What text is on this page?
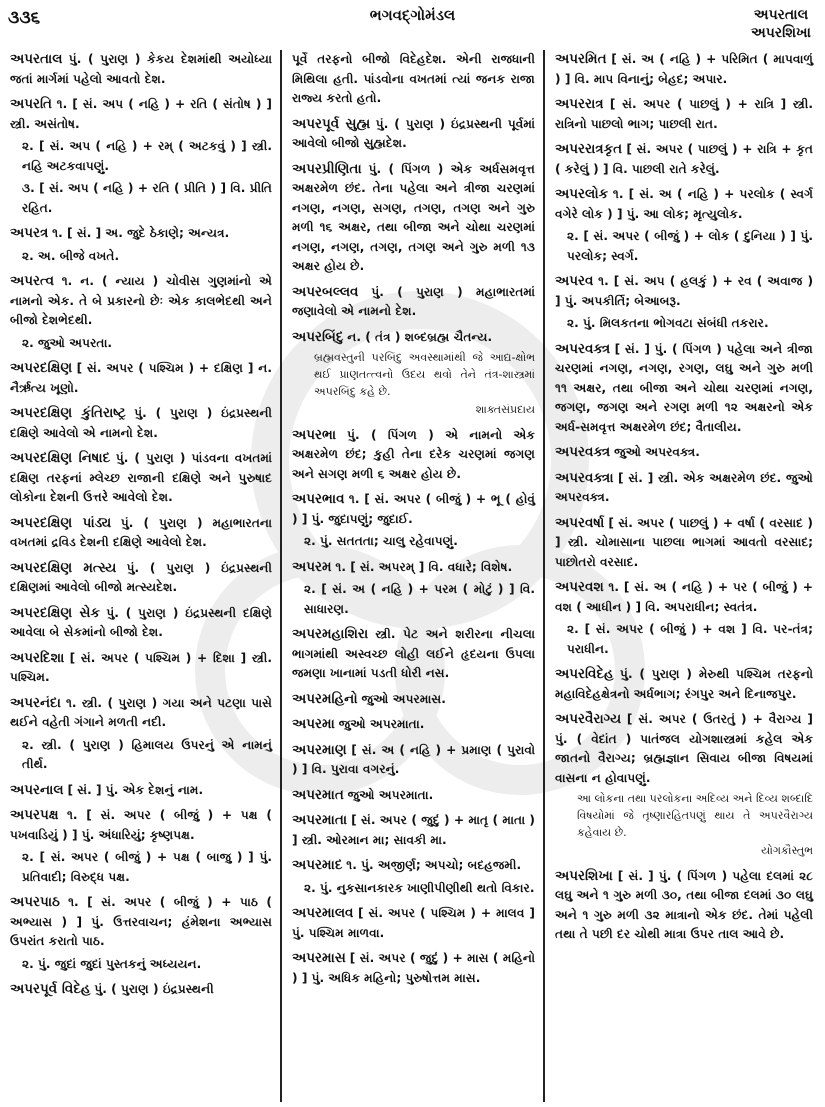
૩૩૬	ભગવદ્ગોમંડલ	અપરતાલ
અપરશિખા
અપરતાલ પું. ( પુરાણ ) કેકય દેશમાંથી અયોધ્યા જતાં માર્ગમાં પહેલો આવતો દેશ.
અપરતિ ૧. [ સં. અપ ( નહિ ) + રતિ ( સંતોષ ) ] સ્ત્રી. અસંતોષ.
૨. [ સં. અપ ( નહિ ) + રમ્ ( અટકવું ) ] સ્ત્રી. નહિ અટકવાપણું.
૩. [ સં. અપ ( નહિ ) + રતિ ( પ્રીતિ ) ] વિ. પ્રીતિ રહિત.
અપરત્ર ૧. [ સં. ] અ. જુદે ઠેકાણે; અન્યત્ર.
૨. અ. બીજે વખતે.
અપરત્વ ૧. ન. ( ન્યાય ) ચોવીસ ગુણમાંનો એ નામનો એક. તે બે પ્રકારનો છેઃ એક કાલભેદથી અને બીજો દેશભેદથી.
૨. જુઓ અપરતા.
અપરદક્ષિણ [ સં. અપર ( પશ્ચિમ ) + દક્ષિણ ] ન. નૈર્ઋત્ય ખૂણો.
અપરદક્ષિણ કુંતિરાષ્ટ્ર પું. ( પુરાણ ) ઇંદ્રપ્રસ્થની દક્ષિણે આવેલો એ નામનો દેશ.
અપરદક્ષિણ નિષાદ પું. ( પુરાણ ) પાંડવના વખતમાં દક્ષિણ તરફનાં મ્લેચ્છ રાજાની દક્ષિણે અને પુરુષાદ લોકોના દેશની ઉત્તરે આવેલો દેશ.
અપરદક્ષિણ પાંડ્ય પું. ( પુરાણ ) મહાભારતના વખતમાં દ્રવિડ દેશની દક્ષિણે આવેલો દેશ.
અપરદક્ષિણ મત્સ્ય પું. ( પુરાણ ) ઇંદ્રપ્રસ્થની દક્ષિણમાં આવેલો બીજો મત્સ્યદેશ.
અપરદક્ષિણ સેક પું. ( પુરાણ ) ઇંદ્રપ્રસ્થની દક્ષિણે આવેલા બે સેકમાંનો બીજો દેશ.
અપરદિશા [ સં. અપર ( પશ્ચિમ ) + દિશા ] સ્ત્રી. પશ્ચિમ.
અપરનંદા ૧. સ્ત્રી. ( પુરાણ ) ગયા અને પટણા પાસે થઈને વહેતી ગંગાને મળતી નદી.
૨. સ્ત્રી. ( પુરાણ ) હિમાલય ઉપરનું એ નામનું તીર્થ.
અપરનાલ [ સં. ] પું. એક દેશનું નામ.
અપરપક્ષ ૧. [ સં. અપર ( બીજું ) + પક્ષ ( પખવાડિયું ) ] પું. અંધારિયું; કૃષ્ણપક્ષ.
૨. [ સં. અપર ( બીજું ) + પક્ષ ( બાજુ ) ] પું. પ્રતિવાદી; વિરુદ્ધ પક્ષ.
અપરપાઠ ૧. [ સં. અપર ( બીજું ) + પાઠ ( અભ્યાસ ) ] પું. ઉત્તરવાચન; હંમેશના અભ્યાસ ઉપરાંત કરાતો પાઠ.
૨. પું. જુદાં જુદાં પુસ્તકનું અધ્યયન.
અપરપૂર્વ વિદેહ પું. ( પુરાણ ) ઇંદ્રપ્રસ્થની
પૂર્વે તરફનો બીજો વિદેહદેશ. એની રાજધાની મિથિલા હતી. પાંડવોના વખતમાં ત્યાં જનક રાજા રાજ્ય કરતો હતો.
અપરપૂર્વ સુહ્મ પું. ( પુરાણ ) ઇંદ્રપ્રસ્થની પૂર્વમાં આવેલો બીજો સુહ્મદેશ.
અપરપ્રીણિતા પું. ( પિંગળ ) એક અર્ધસમવૃત્ત અક્ષરમેળ છંદ. તેના પહેલા અને ત્રીજા ચરણમાં નગણ, નગણ, સગણ, તગણ, તગણ અને ગુરુ મળી ૧૬ અક્ષર, તથા બીજા અને ચોથા ચરણમાં નગણ, નગણ, તગણ, તગણ અને ગુરુ મળી ૧૩ અક્ષર હોય છે.
અપરબલ્લવ પું. ( પુરાણ ) મહાભારતમાં જણાવેલો એ નામનો દેશ.
અપરબિંદુ ન. ( તંત્ર ) શબ્દબ્રહ્મ ચૈતન્ય.
બ્રહ્મવસ્તુની પરબિંદુ અવસ્થામાંથી જે આદ્ય-ક્ષોભ થઈ પ્રાણતત્ત્વનો ઉદય થવો તેને તંત્ર-શાસ્ત્રમાં અપરબિંદુ કહે છે.
શાક્તસંપ્રદાય
અપરભા પું. ( પિંગળ ) એ નામનો એક અક્ષરમેળ છંદ; કુહી તેના દરેક ચરણમાં જગણ અને સગણ મળી ૬ અક્ષર હોય છે.
અપરભાવ ૧. [ સં. અપર ( બીજું ) + ભૂ ( હોવું ) ] પું. જુદાપણું; જુદાઈ.
૨. પું. સતતતા; ચાલુ રહેવાપણું.
અપરમ ૧. [ સં. અપરમ્ ] વિ. વધારે; વિશેષ.
૨. [ સં. અ ( નહિ ) + પરમ ( મોટું ) ] વિ. સાધારણ.
અપરમહાશિરા સ્ત્રી. પેટ અને શરીરના નીચલા ભાગમાંથી અસ્વચ્છ લોહી લઈને હૃદયના ઉપલા જમણા ખાનામાં પડતી ધોરી નસ.
અપરમહિનો જુઓ અપરમાસ.
અપરમા જુઓ અપરમાતા.
અપરમાણ [ સં. અ ( નહિ ) + પ્રમાણ ( પુરાવો ) ] વિ. પુરાવા વગરનું.
અપરમાત જુઓ અપરમાતા.
અપરમાતા [ સં. અપર ( જુદું ) + માતૃ ( માતા ) ] સ્ત્રી. ઓરમાન મા; સાવકી મા.
અપરમાદ ૧. પું. અજીર્ણ; અપચો; બદહજમી.
૨. પું. નુકસાનકારક ખાણીપીણીથી થતો વિકાર.
અપરમાલવ [ સં. અપર ( પશ્ચિમ ) + માલવ ] પું. પશ્ચિમ માળવા.
અપરમાસ [ સં. અપર ( જુદું ) + માસ ( મહિનો ) ] પું. અધિક મહિનો; પુરુષોત્તમ માસ.
અપરમિત [ સં. અ ( નહિ ) + પરિમિત ( માપવાળું ) ] વિ. માપ વિનાનું; બેહદ; અપાર.
અપરરાત્ર [ સં. અપર ( પાછલું ) + રાત્રિ ] સ્ત્રી. રાત્રિનો પાછલો ભાગ; પાછલી રાત.
અપરરાત્રકૃત [ સં. અપર ( પાછલું ) + રાત્રિ + કૃત ( કરેલું ) ] વિ. પાછલી રાતે કરેલું.
અપરલોક ૧. [ સં. અ ( નહિ ) + પરલોક ( સ્વર્ગ વગેરે લોક ) ] પું. આ લોક; મૃત્યુલોક.
૨. [ સં. અપર ( બીજું ) + લોક ( દુનિયા ) ] પું. પરલોક; સ્વર્ગ.
અપરવ ૧. [ સં. અપ ( હલકું ) + રવ ( અવાજ ) ] પું. અપકીર્તિ; બેઆબરૂ.
૨. પું. મિલકતના ભોગવટા સંબંધી તકરાર.
અપરવક્ત્ર [ સં. ] પું. ( પિંગળ ) પહેલા અને ત્રીજા ચરણમાં નગણ, નગણ, રગણ, લઘુ અને ગુરુ મળી ૧૧ અક્ષર, તથા બીજા અને ચોથા ચરણમાં નગણ, જગણ, જગણ અને રગણ મળી ૧૨ અક્ષરનો એક અર્ધ-સમવૃત્ત અક્ષરમેળ છંદ; વૈતાલીય.
અપરવક્ત્ર જુઓ અપરવક્ત્ર.
અપરવક્ત્રા [ સં. ] સ્ત્રી. એક અક્ષરમેળ છંદ. જુઓ અપરવક્ત્ર.
અપરવર્ષા [ સં. અપર ( પાછલું ) + વર્ષા ( વરસાદ ) ] સ્ત્રી. ચોમાસાના પાછલા ભાગમાં આવતો વરસાદ; પાછોતરો વરસાદ.
અપરવશ ૧. [ સં. અ ( નહિ ) + પર ( બીજું ) + વશ ( આધીન ) ] વિ. અપરાધીન; સ્વતંત્ર.
૨. [ સં. અપર ( બીજું ) + વશ ] વિ. પર-તંત્ર; પરાધીન.
અપરવિદેહ પું. ( પુરાણ ) મેરુથી પશ્ચિમ તરફનો મહાવિદેહક્ષેત્રનો અર્ધભાગ; રંગપુર અને દિનાજપુર.
અપરવૈરાગ્ય [ સં. અપર ( ઉતરતું ) + વૈરાગ્ય ] પું. ( વેદાંત ) પાતંજલ યોગશાસ્ત્રમાં કહેલ એક જાતનો વૈરાગ્ય; બ્રહ્મજ્ઞાન સિવાય બીજા વિષયમાં વાસના ન હોવાપણું.
આ લોકના તથા પરલોકના અદિવ્ય અને દિવ્ય શબ્દાદિ વિષયોમાં જે તૃષ્ણારહિતપણું થાય તે અપરવૈરાગ્ય કહેવાય છે.
યોગકૌસ્તુભ
અપરશિખા [ સં. ] પું. ( પિંગળ ) પહેલા દલમાં ૨૮ લઘુ અને ૧ ગુરુ મળી ૩૦, તથા બીજા દલમાં ૩૦ લઘુ અને ૧ ગુરુ મળી ૩૨ માત્રાનો એક છંદ. તેમાં પહેલી તથા તે પછી દર ચોથી માત્રા ઉપર તાલ આવે છે.
